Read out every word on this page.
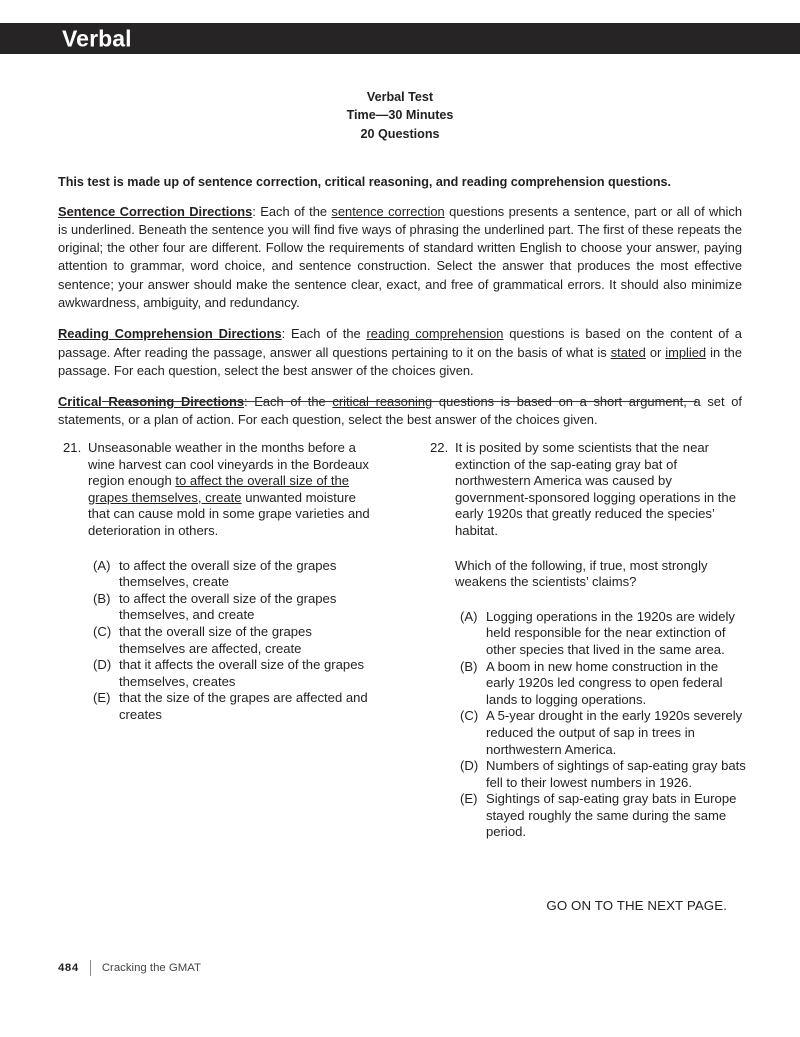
Verbal
Verbal Test
Time—30 Minutes
20 Questions

This test is made up of sentence correction, critical reasoning, and reading comprehension questions.

Sentence Correction Directions: Each of the sentence correction questions presents a sentence, part or all of which is underlined. Beneath the sentence you will find five ways of phrasing the underlined part. The first of these repeats the original; the other four are different. Follow the requirements of standard written English to choose your answer, paying attention to grammar, word choice, and sentence construction. Select the answer that produces the most effective sentence; your answer should make the sentence clear, exact, and free of grammatical errors. It should also minimize awkwardness, ambiguity, and redundancy.

Reading Comprehension Directions: Each of the reading comprehension questions is based on the content of a passage. After reading the passage, answer all questions pertaining to it on the basis of what is stated or implied in the passage. For each question, select the best answer of the choices given.

Critical Reasoning Directions: Each of the critical reasoning questions is based on a short argument, a set of statements, or a plan of action. For each question, select the best answer of the choices given.

21. Unseasonable weather in the months before a wine harvest can cool vineyards in the Bordeaux region enough to affect the overall size of the grapes themselves, create unwanted moisture that can cause mold in some grape varieties and deterioration in others.

(A) to affect the overall size of the grapes themselves, create
(B) to affect the overall size of the grapes themselves, and create
(C) that the overall size of the grapes themselves are affected, create
(D) that it affects the overall size of the grapes themselves, creates
(E) that the size of the grapes are affected and creates
22. It is posited by some scientists that the near extinction of the sap-eating gray bat of northwestern America was caused by government-sponsored logging operations in the early 1920s that greatly reduced the species’ habitat.

Which of the following, if true, most strongly weakens the scientists’ claims?

(A) Logging operations in the 1920s are widely held responsible for the near extinction of other species that lived in the same area.
(B) A boom in new home construction in the early 1920s led congress to open federal lands to logging operations.
(C) A 5-year drought in the early 1920s severely reduced the output of sap in trees in northwestern America.
(D) Numbers of sightings of sap-eating gray bats fell to their lowest numbers in 1926.
(E) Sightings of sap-eating gray bats in Europe stayed roughly the same during the same period.
GO ON TO THE NEXT PAGE.
484 Cracking the GMAT
